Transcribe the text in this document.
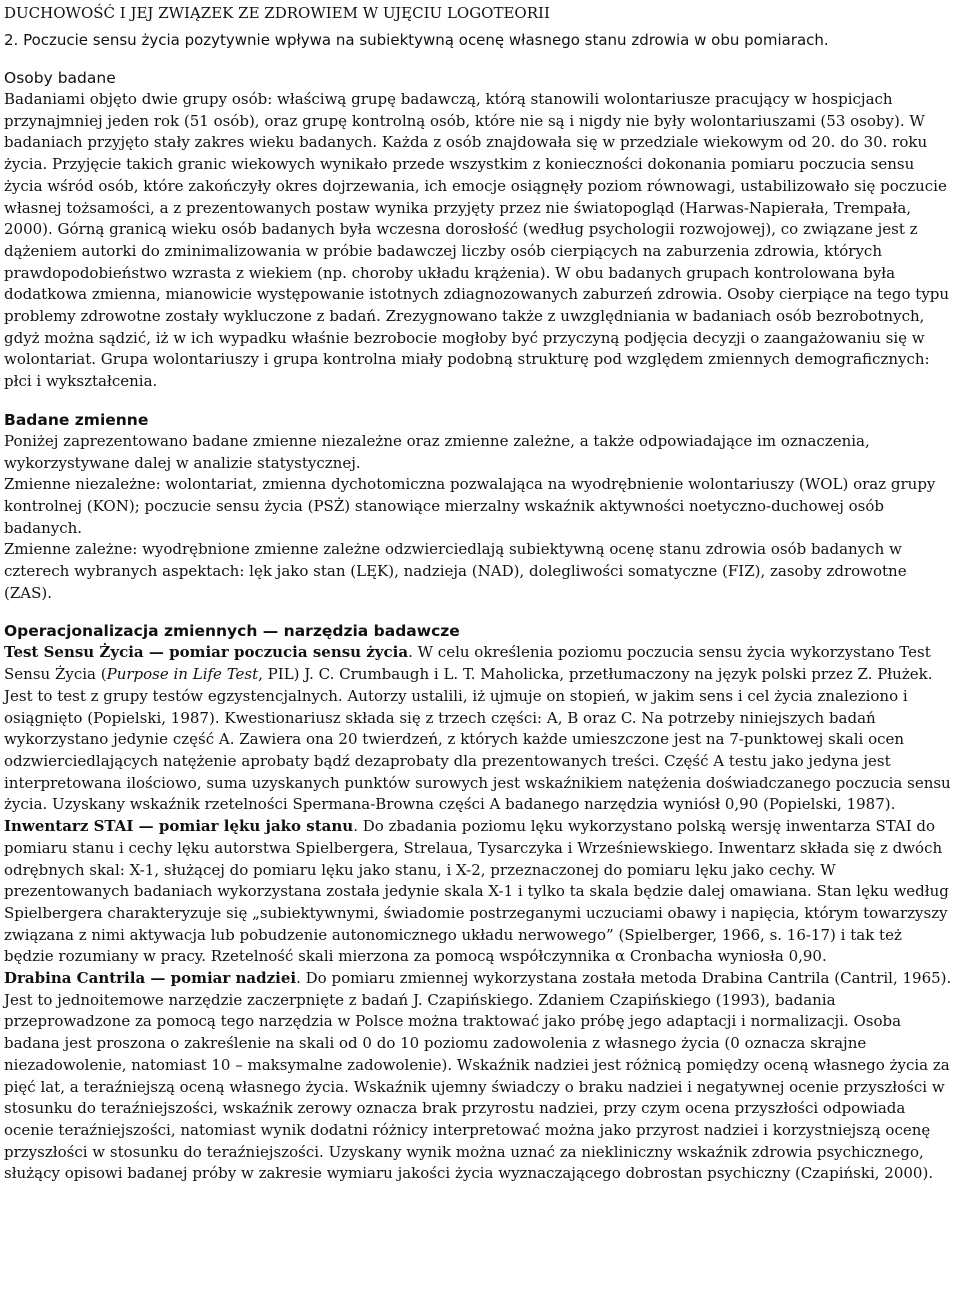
DUCHOWOŚĆ I JEJ ZWIĄZEK ZE ZDROWIEM W UJĘCIU LOGOTEORII

2. Poczucie sensu życia pozytywnie wpływa na subiektywną ocenę własnego stanu zdrowia w obu pomiarach.

Osoby badane

Badaniami objęto dwie grupy osób: właściwą grupę badawczą, którą stanowili wolontariusze pracujący w hospicjach przynajmniej jeden rok (51 osób), oraz grupę kontrolną osób, które nie są i nigdy nie były wolontariuszami (53 osoby). W badaniach przyjęto stały zakres wieku badanych. Każda z osób znajdowała się w przedziale wiekowym od 20. do 30. roku życia. Przyjęcie takich granic wiekowych wynikało przede wszystkim z konieczności dokonania pomiaru poczucia sensu życia wśród osób, które zakończyły okres dojrzewania, ich emocje osiągnęły poziom równowagi, ustabilizowało się poczucie własnej tożsamości, a z prezentowanych postaw wynika przyjęty przez nie światopogląd (Harwas-Napierała, Trempała, 2000). Górną granicą wieku osób badanych była wczesna dorosłość (według psychologii rozwojowej), co związane jest z dążeniem autorki do zminimalizowania w próbie badawczej liczby osób cierpiących na zaburzenia zdrowia, których prawdopodobieństwo wzrasta z wiekiem (np. choroby układu krążenia). W obu badanych grupach kontrolowana była dodatkowa zmienna, mianowicie występowanie istotnych zdiagnozowanych zaburzeń zdrowia. Osoby cierpiące na tego typu problemy zdrowotne zostały wykluczone z badań. Zrezygnowano także z uwzględniania w badaniach osób bezrobotnych, gdyż można sądzić, iż w ich wypadku właśnie bezrobocie mogłoby być przyczyną podjęcia decyzji o zaangażowaniu się w wolontariat. Grupa wolontariuszy i grupa kontrolna miały podobną strukturę pod względem zmiennych demograficznych: płci i wykształcenia.

Badane zmienne

Poniżej zaprezentowano badane zmienne niezależne oraz zmienne zależne, a także odpowiadające im oznaczenia, wykorzystywane dalej w analizie statystycznej.

Zmienne niezależne: wolontariat, zmienna dychotomiczna pozwalająca na wyodrębnienie wolontariuszy (WOL) oraz grupy kontrolnej (KON); poczucie sensu życia (PSŻ) stanowiące mierzalny wskaźnik aktywności noetyczno-duchowej osób badanych.

Zmienne zależne: wyodrębnione zmienne zależne odzwierciedlają subiektywną ocenę stanu zdrowia osób badanych w czterech wybranych aspektach: lęk jako stan (LĘK), nadzieja (NAD), dolegliwości somatyczne (FIZ), zasoby zdrowotne (ZAS).

Operacjonalizacja zmiennych — narzędzia badawcze

Test Sensu Życia — pomiar poczucia sensu życia. W celu określenia poziomu poczucia sensu życia wykorzystano Test Sensu Życia (Purpose in Life Test, PIL) J. C. Crumbaugh i L. T. Maholicka, przetłumaczony na język polski przez Z. Płużek. Jest to test z grupy testów egzystencjalnych. Autorzy ustalili, iż ujmuje on stopień, w jakim sens i cel życia znaleziono i osiągnięto (Popielski, 1987). Kwestionariusz składa się z trzech części: A, B oraz C. Na potrzeby niniejszych badań wykorzystano jedynie część A. Zawiera ona 20 twierdzeń, z których każde umieszczone jest na 7-punktowej skali ocen odzwierciedlających natężenie aprobaty bądź dezaprobaty dla prezentowanych treści. Część A testu jako jedyna jest interpretowana ilościowo, suma uzyskanych punktów surowych jest wskaźnikiem natężenia doświadczanego poczucia sensu życia. Uzyskany wskaźnik rzetelności Spermana-Browna części A badanego narzędzia wyniósł 0,90 (Popielski, 1987).

Inwentarz STAI — pomiar lęku jako stanu. Do zbadania poziomu lęku wykorzystano polską wersję inwentarza STAI do pomiaru stanu i cechy lęku autorstwa Spielbergera, Strelaua, Tysarczyka i Wrześniewskiego. Inwentarz składa się z dwóch odrębnych skal: X-1, służącej do pomiaru lęku jako stanu, i X-2, przeznaczonej do pomiaru lęku jako cechy. W prezentowanych badaniach wykorzystana została jedynie skala X-1 i tylko ta skala będzie dalej omawiana. Stan lęku według Spielbergera charakteryzuje się „subiektywnymi, świadomie postrzeganymi uczuciami obawy i napięcia, którym towarzyszy związana z nimi aktywacja lub pobudzenie autonomicznego układu nerwowego” (Spielberger, 1966, s. 16-17) i tak też będzie rozumiany w pracy. Rzetelność skali mierzona za pomocą współczynnika α Cronbacha wyniosła 0,90.

Drabina Cantrila — pomiar nadziei. Do pomiaru zmiennej wykorzystana została metoda Drabina Cantrila (Cantril, 1965). Jest to jednoitemowe narzędzie zaczerpnięte z badań J. Czapińskiego. Zdaniem Czapińskiego (1993), badania przeprowadzone za pomocą tego narzędzia w Polsce można traktować jako próbę jego adaptacji i normalizacji. Osoba badana jest proszona o zakreślenie na skali od 0 do 10 poziomu zadowolenia z własnego życia (0 oznacza skrajne niezadowolenie, natomiast 10 – maksymalne zadowolenie). Wskaźnik nadziei jest różnicą pomiędzy oceną własnego życia za pięć lat, a teraźniejszą oceną własnego życia. Wskaźnik ujemny świadczy o braku nadziei i negatywnej ocenie przyszłości w stosunku do teraźniejszości, wskaźnik zerowy oznacza brak przyrostu nadziei, przy czym ocena przyszłości odpowiada ocenie teraźniejszości, natomiast wynik dodatni różnicy interpretować można jako przyrost nadziei i korzystniejszą ocenę przyszłości w stosunku do teraźniejszości. Uzyskany wynik można uznać za niekliniczny wskaźnik zdrowia psychicznego, służący opisowi badanej próby w zakresie wymiaru jakości życia wyznaczającego dobrostan psychiczny (Czapiński, 2000).
